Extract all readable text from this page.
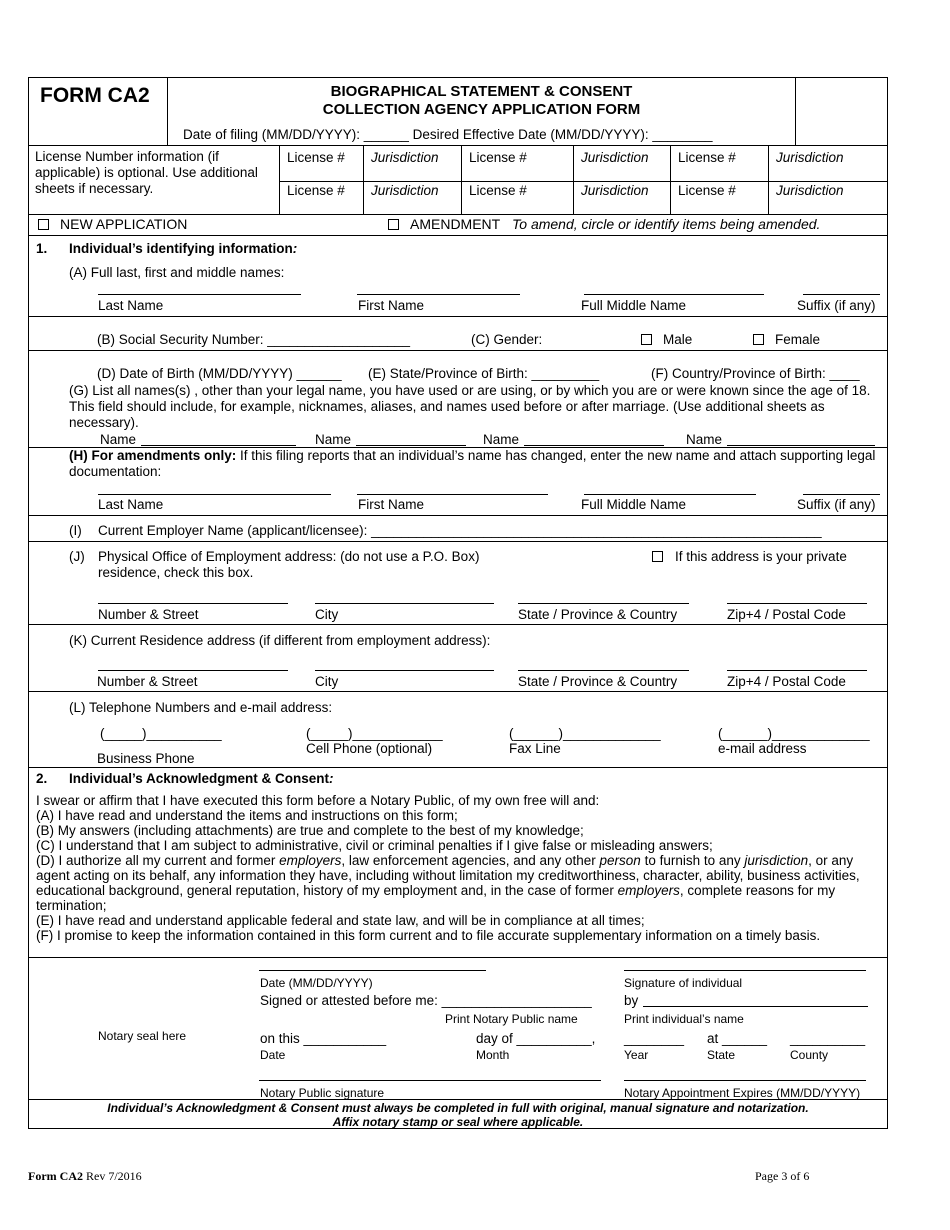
FORM CA2	BIOGRAPHICAL STATEMENT & CONSENT
COLLECTION AGENCY APPLICATION FORM
Date of filing (MM/DD/YYYY): ______ Desired Effective Date (MM/DD/YYYY): ________
License Number information (if applicable) is optional. Use additional sheets if necessary.
License # Jurisdiction License #	Jurisdiction License #	Jurisdiction
License # Jurisdiction License #	Jurisdiction License #	Jurisdiction
NEW APPLICATION	AMENDMENT To amend, circle or identify items being amended.
1. Individual’s identifying information:
(A) Full last, first and middle names:
Last Name	First Name	Full Middle Name	Suffix (if any)
(B) Social Security Number: ___________________	(C) Gender:	Male	Female
(D) Date of Birth (MM/DD/YYYY) ______ (E) State/Province of Birth: _________	(F) Country/Province of Birth: ____
(G) List all names(s) , other than your legal name, you have used or are using, or by which you are or were known since the age of 18. This field should include, for example, nicknames, aliases, and names used before or after marriage. (Use additional sheets as necessary).
Name	Name	Name	Name
(H) For amendments only: If this filing reports that an individual’s name has changed, enter the new name and attach supporting legal documentation:
Last Name	First Name	Full Middle Name	Suffix (if any)
(I) Current Employer Name (applicant/licensee): ____________________________________________________________
(J) Physical Office of Employment address: (do not use a P.O. Box) residence, check this box.
If this address is your private
Number & Street	City	State / Province & Country	Zip+4 / Postal Code
(K) Current Residence address (if different from employment address):
Number & Street	City	State / Province & Country	Zip+4 / Postal Code
(L) Telephone Numbers and e-mail address:
(_____)__________	(_____)____________	(______)_____________	(______)_____________
Business Phone
Cell Phone (optional)	Fax Line	e-mail address
2. Individual’s Acknowledgment & Consent:
I swear or affirm that I have executed this form before a Notary Public, of my own free will and:
(A) I have read and understand the items and instructions on this form;
(B) My answers (including attachments) are true and complete to the best of my knowledge;
(C) I understand that I am subject to administrative, civil or criminal penalties if I give false or misleading answers;
(D) I authorize all my current and former employers, law enforcement agencies, and any other person to furnish to any jurisdiction, or any agent acting on its behalf, any information they have, including without limitation my creditworthiness, character, ability, business activities, educational background, general reputation, history of my employment and, in the case of former employers, complete reasons for my termination;
(E) I have read and understand applicable federal and state law, and will be in compliance at all times;
(F) I promise to keep the information contained in this form current and to file accurate supplementary information on a timely basis.
Notary seal here
Date (MM/DD/YYYY)
Signed or attested before me: ____________________
Print Notary Public name
Signature of individual
by
Print individual’s name
on this ___________	day of __________, ________ at ______ __________
Date	Month	Year	State	County
Notary Public signature	Notary Appointment Expires (MM/DD/YYYY)
Individual’s Acknowledgment & Consent must always be completed in full with original, manual signature and notarization.
Affix notary stamp or seal where applicable.
Form CA2 Rev 7/2016	Page 3 of 6
